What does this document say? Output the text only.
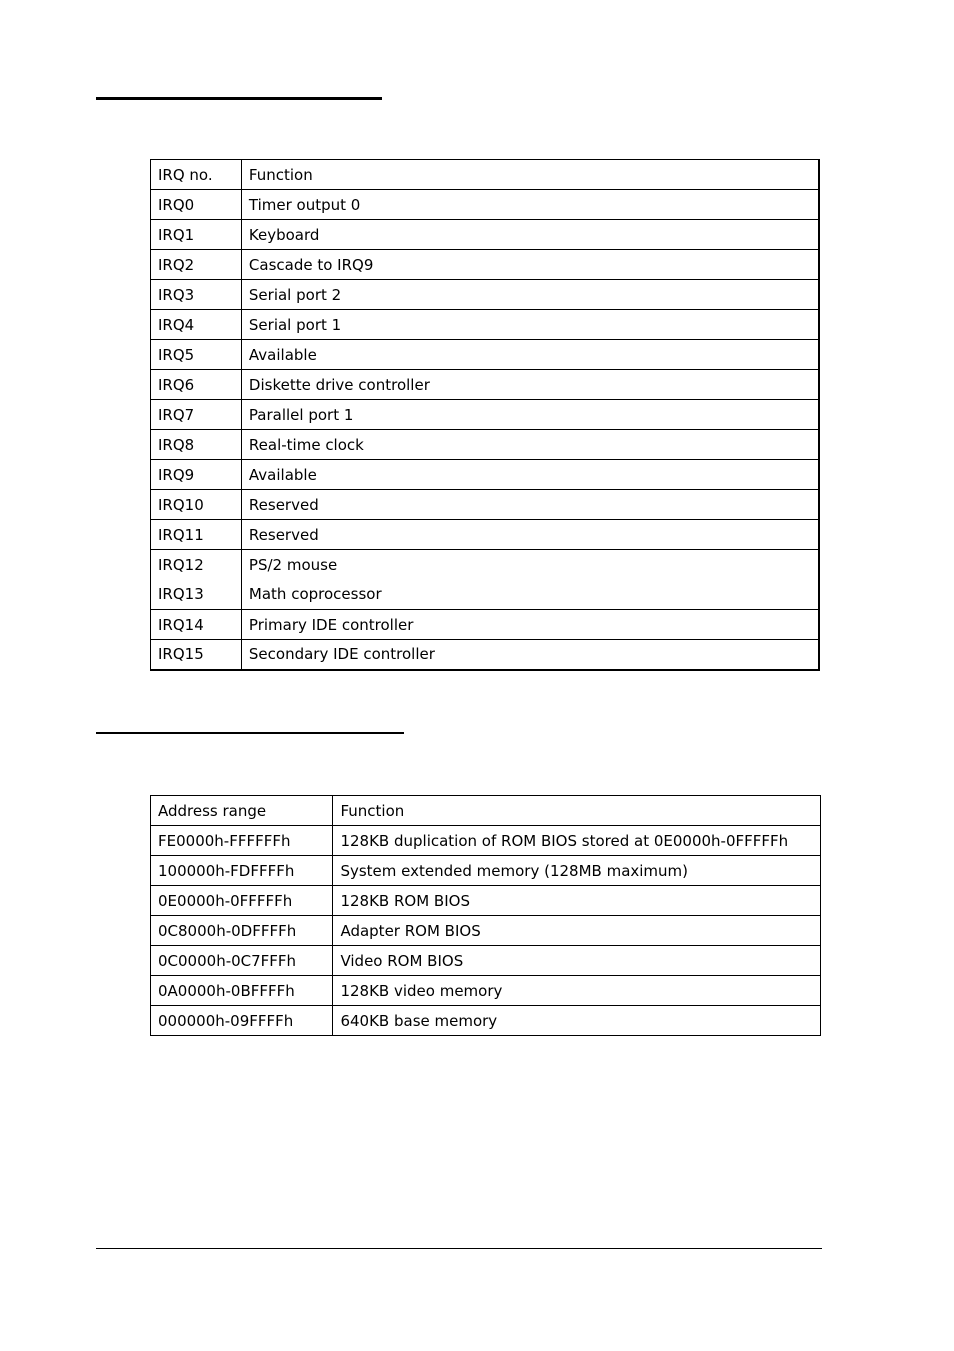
IRQ no.	Function
IRQ0	Timer output 0
IRQ1	Keyboard
IRQ2	Cascade to IRQ9
IRQ3	Serial port 2
IRQ4	Serial port 1
IRQ5	Available
IRQ6	Diskette drive controller
IRQ7	Parallel port 1
IRQ8	Real-time clock
IRQ9	Available
IRQ10	Reserved
IRQ11	Reserved
IRQ12	PS/2 mouse
IRQ13	Math coprocessor
IRQ14	Primary IDE controller
IRQ15	Secondary IDE controller
Address range	Function
FE0000h-FFFFFFh	128KB duplication of ROM BIOS stored at 0E0000h-0FFFFFh
100000h-FDFFFFh	System extended memory (128MB maximum)
0E0000h-0FFFFFh	128KB ROM BIOS
0C8000h-0DFFFFh	Adapter ROM BIOS
0C0000h-0C7FFFh	Video ROM BIOS
0A0000h-0BFFFFh	128KB video memory
000000h-09FFFFh	640KB base memory
